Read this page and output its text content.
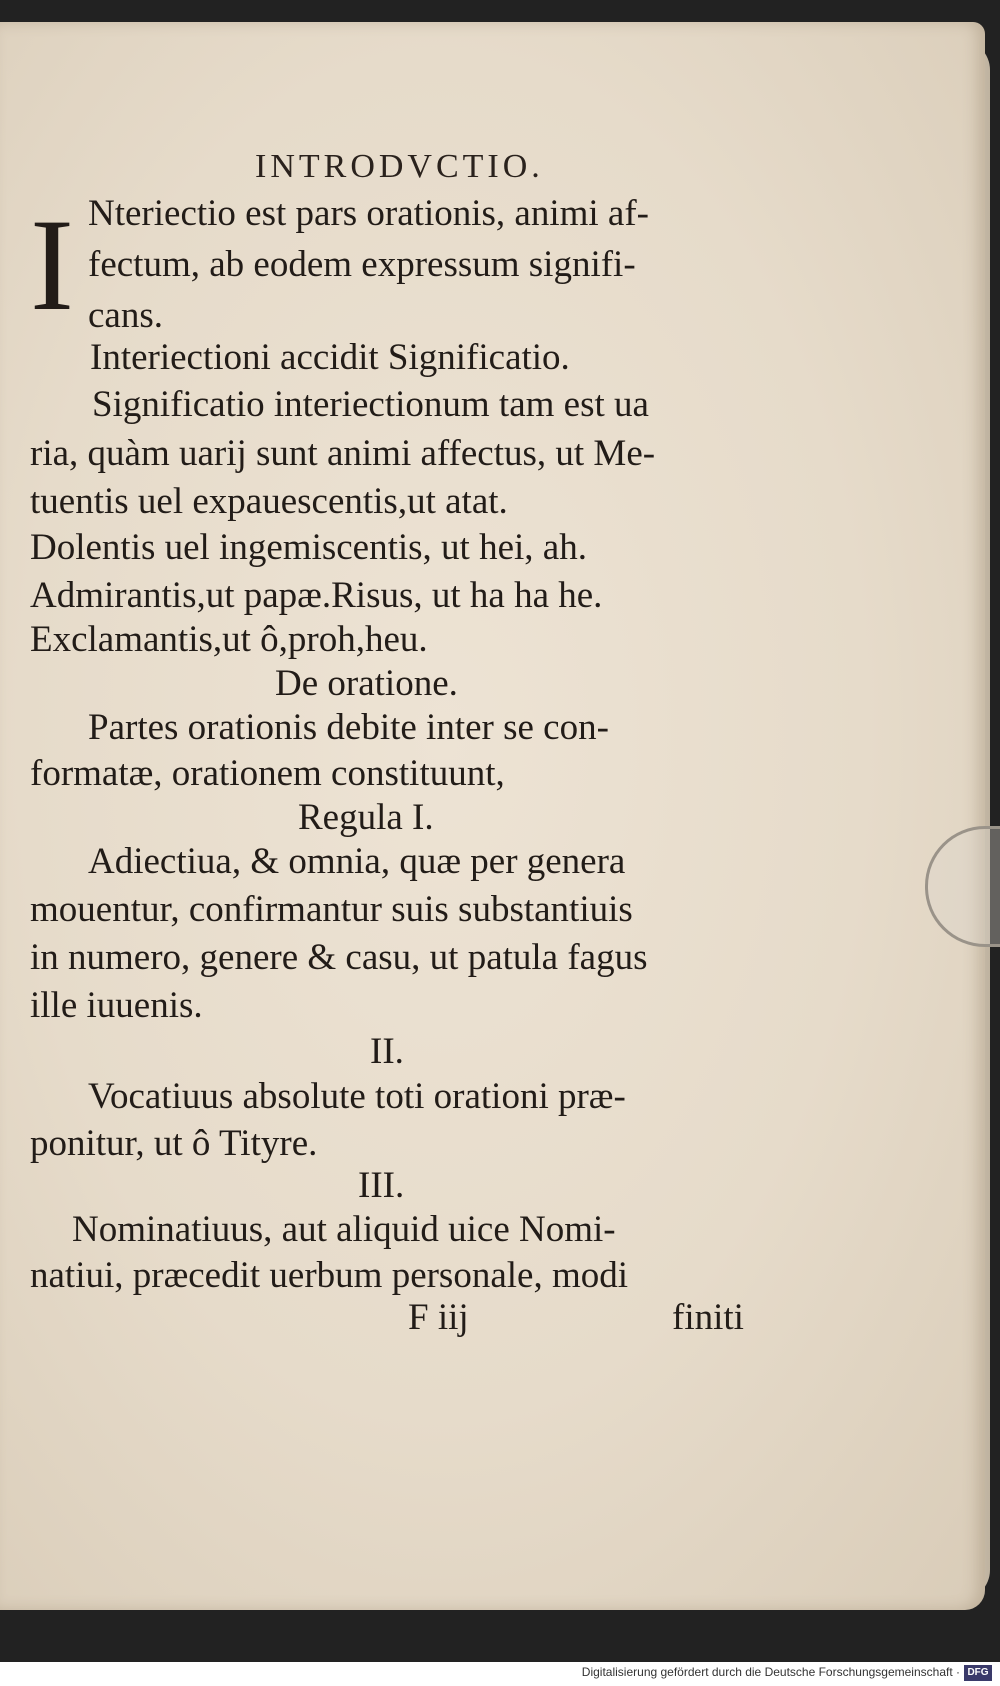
INTRODVCTIO.
I Nteriectio est pars orationis, animi af-
fectum, ab eodem expressum signifi-
cans.
Interiectioni accidit Significatio.
Significatio interiectionum tam est ua
ria, quàm uarij sunt animi affectus, ut Me-
tuentis uel expauescentis,ut atat.
Dolentis uel ingemiscentis, ut hei, ah.
Admirantis,ut papæ.Risus, ut ha ha he.
Exclamantis,ut ô,proh,heu.
De oratione.
Partes orationis debite inter se con-
formatæ, orationem constituunt,
Regula I.
Adiectiua, & omnia, quæ per genera
mouentur, confirmantur suis substantiuis
in numero, genere & casu, ut patula fagus
ille iuuenis.
II.
Vocatiuus absolute toti orationi præ-
ponitur, ut ô Tityre.
III.
Nominatiuus, aut aliquid uice Nomi-
natiui, præcedit uerbum personale, modi
F iij	finiti
Digitalisierung gefördert durch die Deutsche Forschungsgemeinschaft · DFG
